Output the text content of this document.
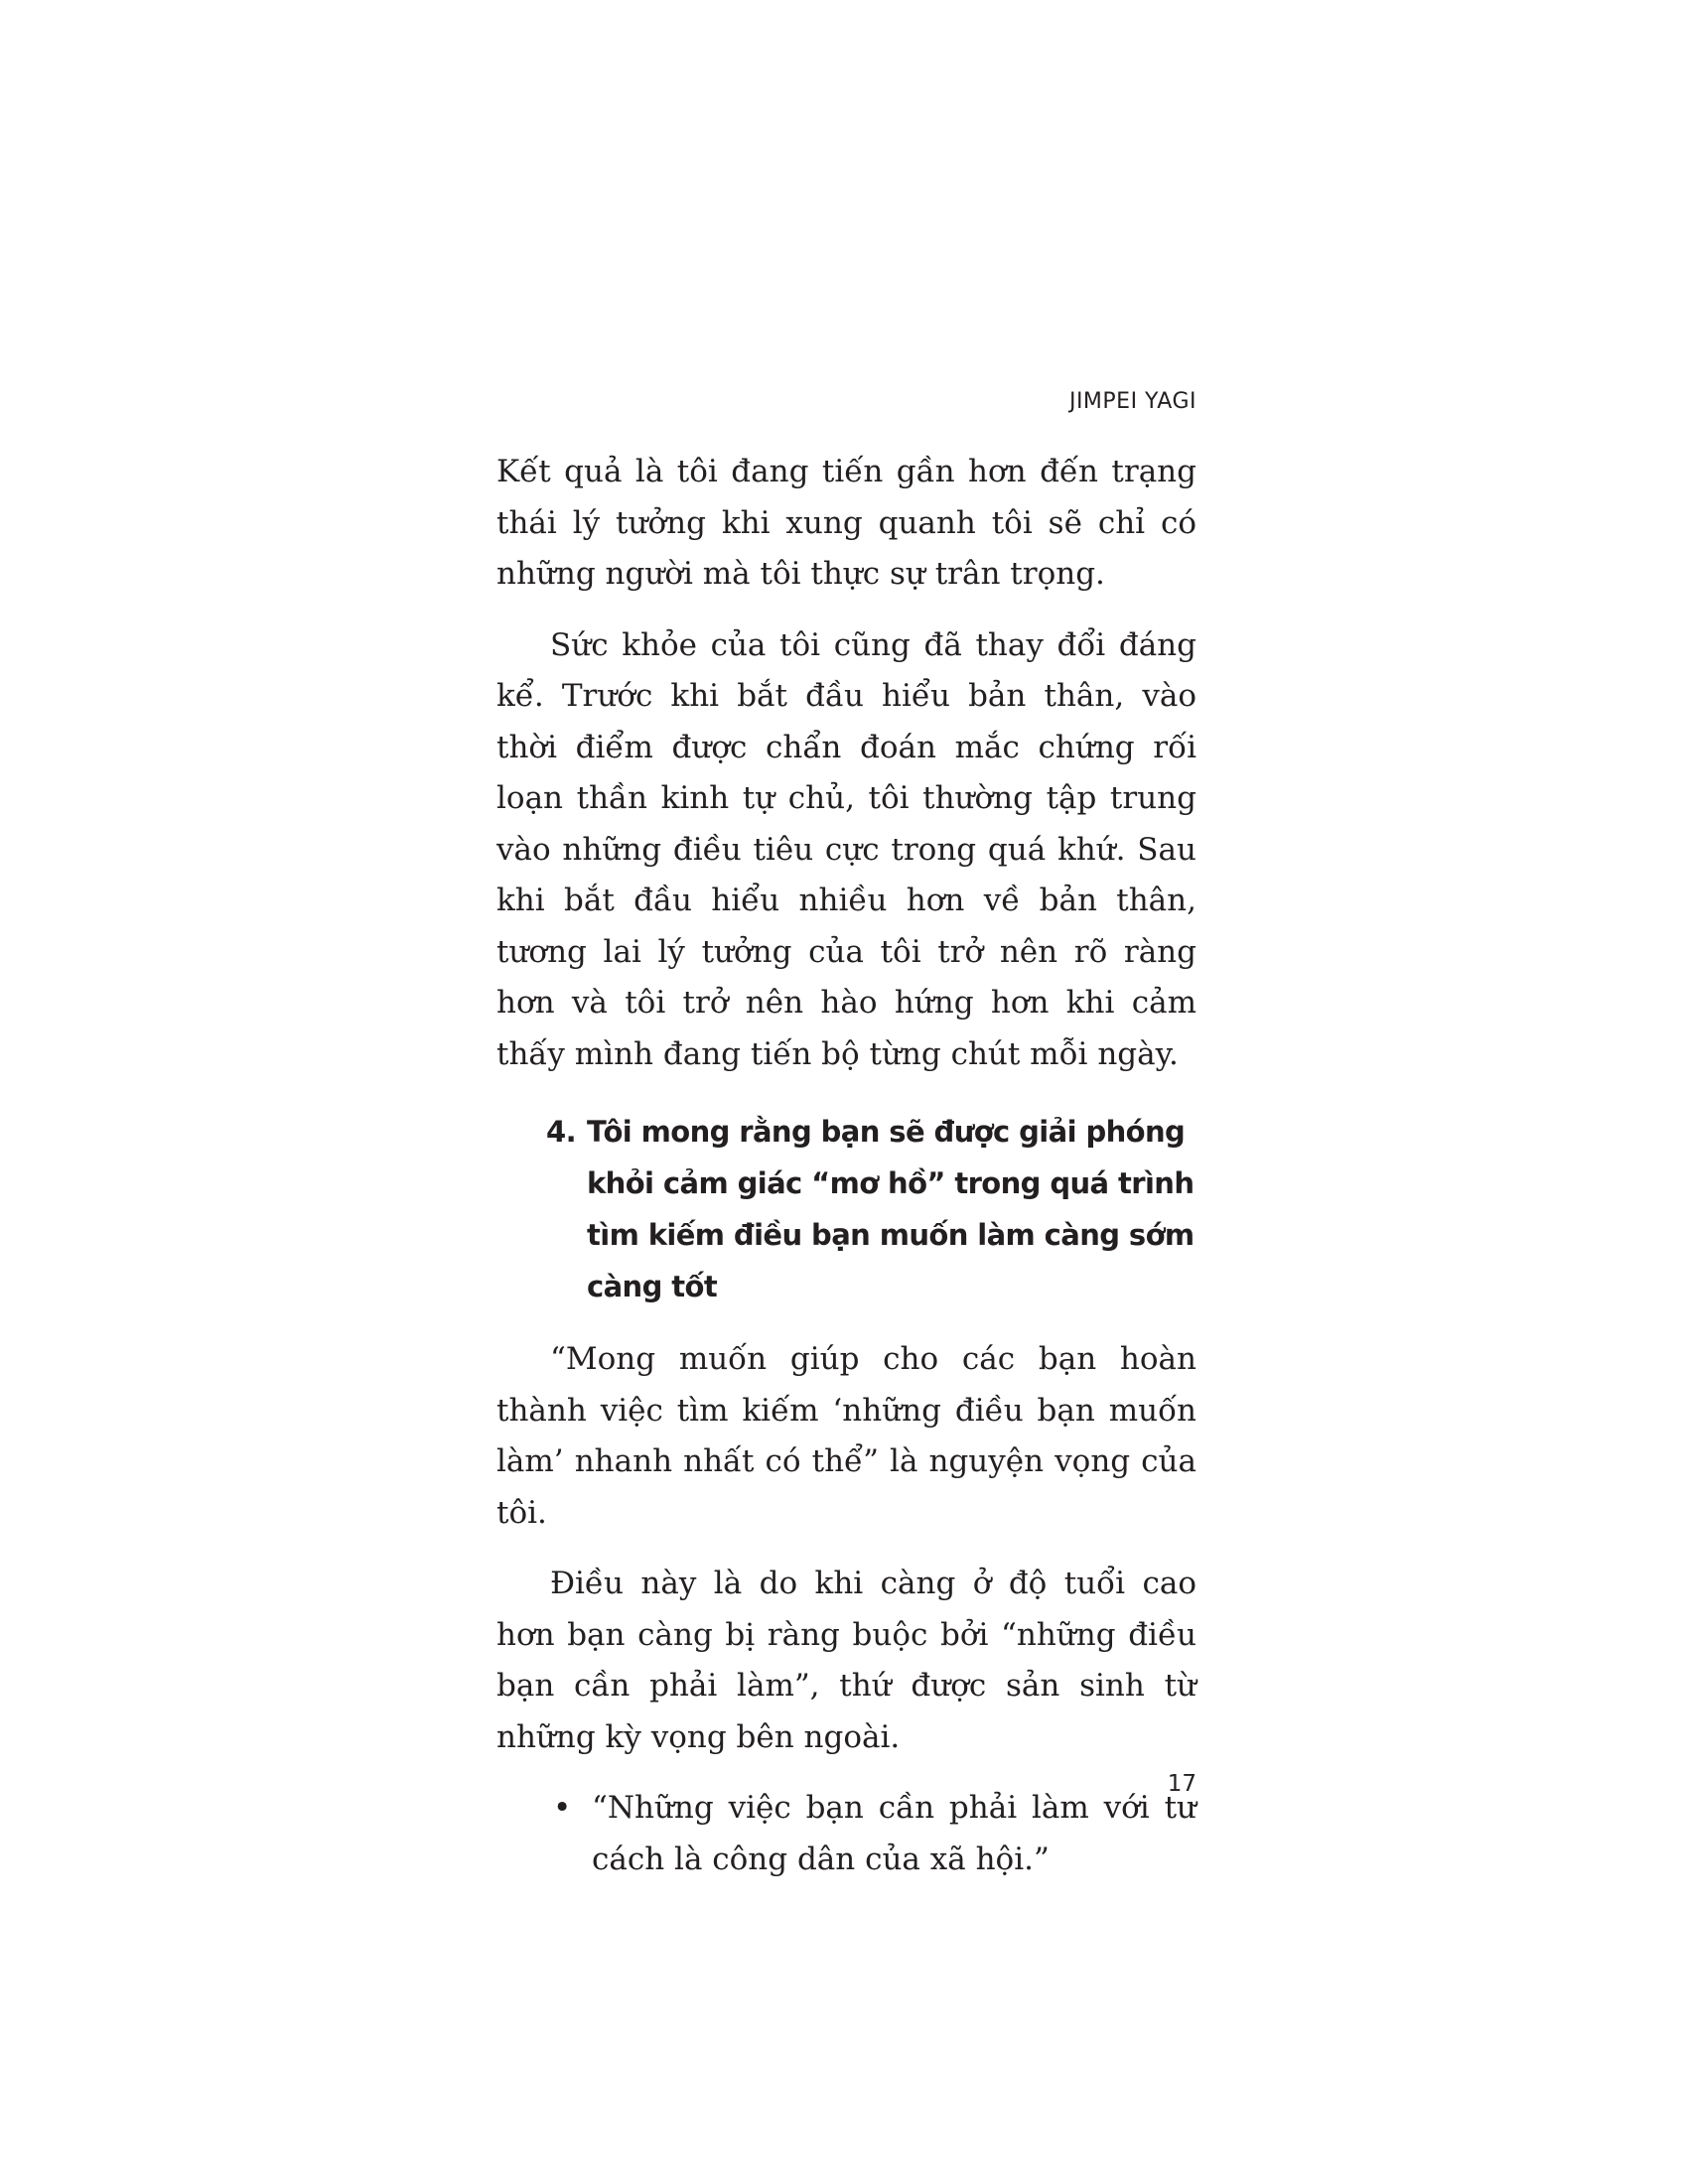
JIMPEI YAGI

Kết quả là tôi đang tiến gần hơn đến trạng thái lý tưởng khi xung quanh tôi sẽ chỉ có những người mà tôi thực sự trân trọng.

Sức khỏe của tôi cũng đã thay đổi đáng kể. Trước khi bắt đầu hiểu bản thân, vào thời điểm được chẩn đoán mắc chứng rối loạn thần kinh tự chủ, tôi thường tập trung vào những điều tiêu cực trong quá khứ. Sau khi bắt đầu hiểu nhiều hơn về bản thân, tương lai lý tưởng của tôi trở nên rõ ràng hơn và tôi trở nên hào hứng hơn khi cảm thấy mình đang tiến bộ từng chút mỗi ngày.

4. Tôi mong rằng bạn sẽ được giải phóng khỏi cảm giác “mơ hồ” trong quá trình tìm kiếm điều bạn muốn làm càng sớm càng tốt

“Mong muốn giúp cho các bạn hoàn thành việc tìm kiếm ‘những điều bạn muốn làm’ nhanh nhất có thể” là nguyện vọng của tôi.

Điều này là do khi càng ở độ tuổi cao hơn bạn càng bị ràng buộc bởi “những điều bạn cần phải làm”, thứ được sản sinh từ những kỳ vọng bên ngoài.

• “Những việc bạn cần phải làm với tư cách là công dân của xã hội.”
17
